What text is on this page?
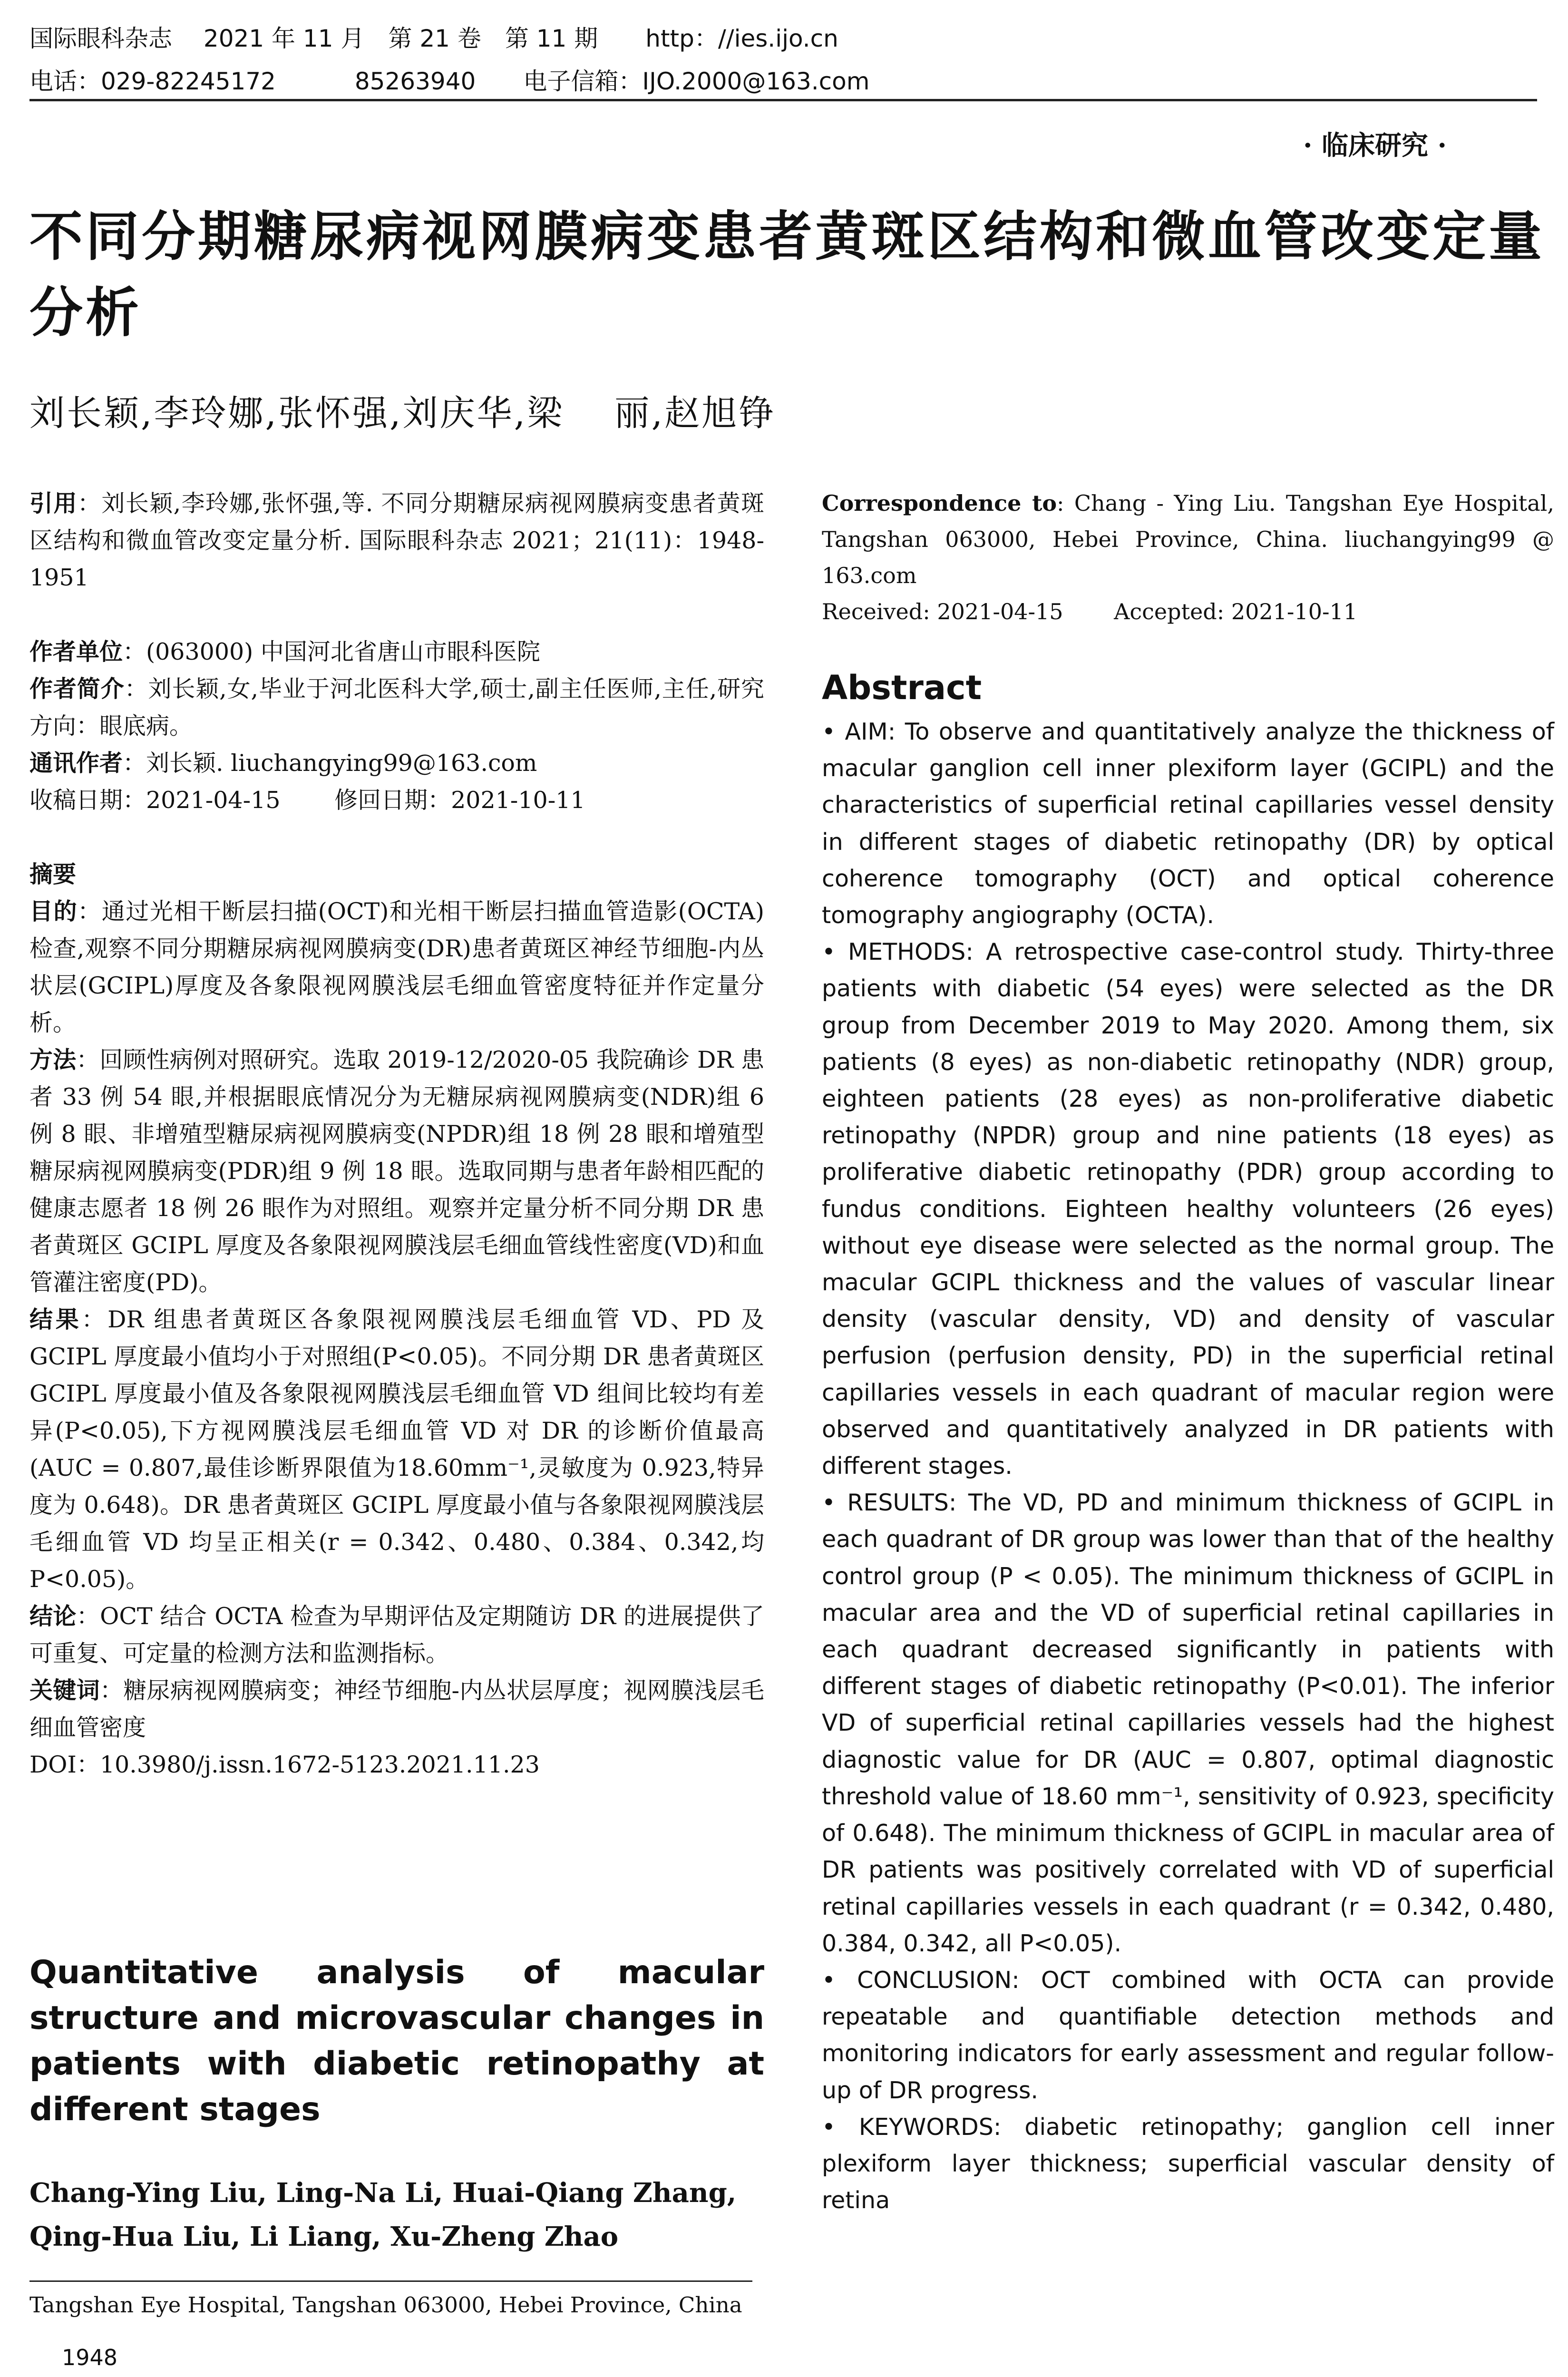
国际眼科杂志　 2021 年 11 月　第 21 卷　第 11 期　　http：//ies.ijo.cn
电话：029-82245172　　　 85263940　　电子信箱：IJO.2000@163.com
· 临床研究 ·
不同分期糖尿病视网膜病变患者黄斑区结构和微血管改变定量分析
刘长颖,李玲娜,张怀强,刘庆华,梁　 丽,赵旭铮

引用：刘长颖,李玲娜,张怀强,等. 不同分期糖尿病视网膜病变患者黄斑区结构和微血管改变定量分析. 国际眼科杂志 2021；21(11)：1948-1951

作者单位：(063000) 中国河北省唐山市眼科医院

作者简介：刘长颖,女,毕业于河北医科大学,硕士,副主任医师,主任,研究方向：眼底病。

通讯作者：刘长颖. liuchangying99@163.com

收稿日期：2021-04-15　　 修回日期：2021-10-11

摘要

目的：通过光相干断层扫描(OCT)和光相干断层扫描血管造影(OCTA)检查,观察不同分期糖尿病视网膜病变(DR)患者黄斑区神经节细胞-内丛状层(GCIPL)厚度及各象限视网膜浅层毛细血管密度特征并作定量分析。

方法：回顾性病例对照研究。选取 2019-12/2020-05 我院确诊 DR 患者 33 例 54 眼,并根据眼底情况分为无糖尿病视网膜病变(NDR)组 6 例 8 眼、非增殖型糖尿病视网膜病变(NPDR)组 18 例 28 眼和增殖型糖尿病视网膜病变(PDR)组 9 例 18 眼。选取同期与患者年龄相匹配的健康志愿者 18 例 26 眼作为对照组。观察并定量分析不同分期 DR 患者黄斑区 GCIPL 厚度及各象限视网膜浅层毛细血管线性密度(VD)和血管灌注密度(PD)。

结果：DR 组患者黄斑区各象限视网膜浅层毛细血管 VD、PD 及 GCIPL 厚度最小值均小于对照组(P<0.05)。不同分期 DR 患者黄斑区 GCIPL 厚度最小值及各象限视网膜浅层毛细血管 VD 组间比较均有差异(P<0.05),下方视网膜浅层毛细血管 VD 对 DR 的诊断价值最高(AUC = 0.807,最佳诊断界限值为18.60mm⁻¹,灵敏度为 0.923,特异度为 0.648)。DR 患者黄斑区 GCIPL 厚度最小值与各象限视网膜浅层毛细血管 VD 均呈正相关(r = 0.342、0.480、0.384、0.342,均 P<0.05)。

结论：OCT 结合 OCTA 检查为早期评估及定期随访 DR 的进展提供了可重复、可定量的检测方法和监测指标。

关键词：糖尿病视网膜病变；神经节细胞-内丛状层厚度；视网膜浅层毛细血管密度

DOI：10.3980/j.issn.1672-5123.2021.11.23

Quantitative analysis of macular structure and microvascular changes in patients with diabetic retinopathy at different stages
Chang-Ying Liu, Ling-Na Li, Huai-Qiang Zhang, Qing-Hua Liu, Li Liang, Xu-Zheng Zhao
Tangshan Eye Hospital, Tangshan 063000, Hebei Province, China
1948
Correspondence to: Chang - Ying Liu. Tangshan Eye Hospital, Tangshan 063000, Hebei Province, China. liuchangying99 @ 163.com
Received: 2021-04-15　　 Accepted: 2021-10-11
Abstract

• AIM: To observe and quantitatively analyze the thickness of macular ganglion cell inner plexiform layer (GCIPL) and the characteristics of superficial retinal capillaries vessel density in different stages of diabetic retinopathy (DR) by optical coherence tomography (OCT) and optical coherence tomography angiography (OCTA).

• METHODS: A retrospective case-control study. Thirty-three patients with diabetic (54 eyes) were selected as the DR group from December 2019 to May 2020. Among them, six patients (8 eyes) as non-diabetic retinopathy (NDR) group, eighteen patients (28 eyes) as non-proliferative diabetic retinopathy (NPDR) group and nine patients (18 eyes) as proliferative diabetic retinopathy (PDR) group according to fundus conditions. Eighteen healthy volunteers (26 eyes) without eye disease were selected as the normal group. The macular GCIPL thickness and the values of vascular linear density (vascular density, VD) and density of vascular perfusion (perfusion density, PD) in the superficial retinal capillaries vessels in each quadrant of macular region were observed and quantitatively analyzed in DR patients with different stages.

• RESULTS: The VD, PD and minimum thickness of GCIPL in each quadrant of DR group was lower than that of the healthy control group (P < 0.05). The minimum thickness of GCIPL in macular area and the VD of superficial retinal capillaries in each quadrant decreased significantly in patients with different stages of diabetic retinopathy (P<0.01). The inferior VD of superficial retinal capillaries vessels had the highest diagnostic value for DR (AUC = 0.807, optimal diagnostic threshold value of 18.60 mm⁻¹, sensitivity of 0.923, specificity of 0.648). The minimum thickness of GCIPL in macular area of DR patients was positively correlated with VD of superficial retinal capillaries vessels in each quadrant (r = 0.342, 0.480, 0.384, 0.342, all P<0.05).

• CONCLUSION: OCT combined with OCTA can provide repeatable and quantifiable detection methods and monitoring indicators for early assessment and regular follow-up of DR progress.

• KEYWORDS: diabetic retinopathy; ganglion cell inner plexiform layer thickness; superficial vascular density of retina
